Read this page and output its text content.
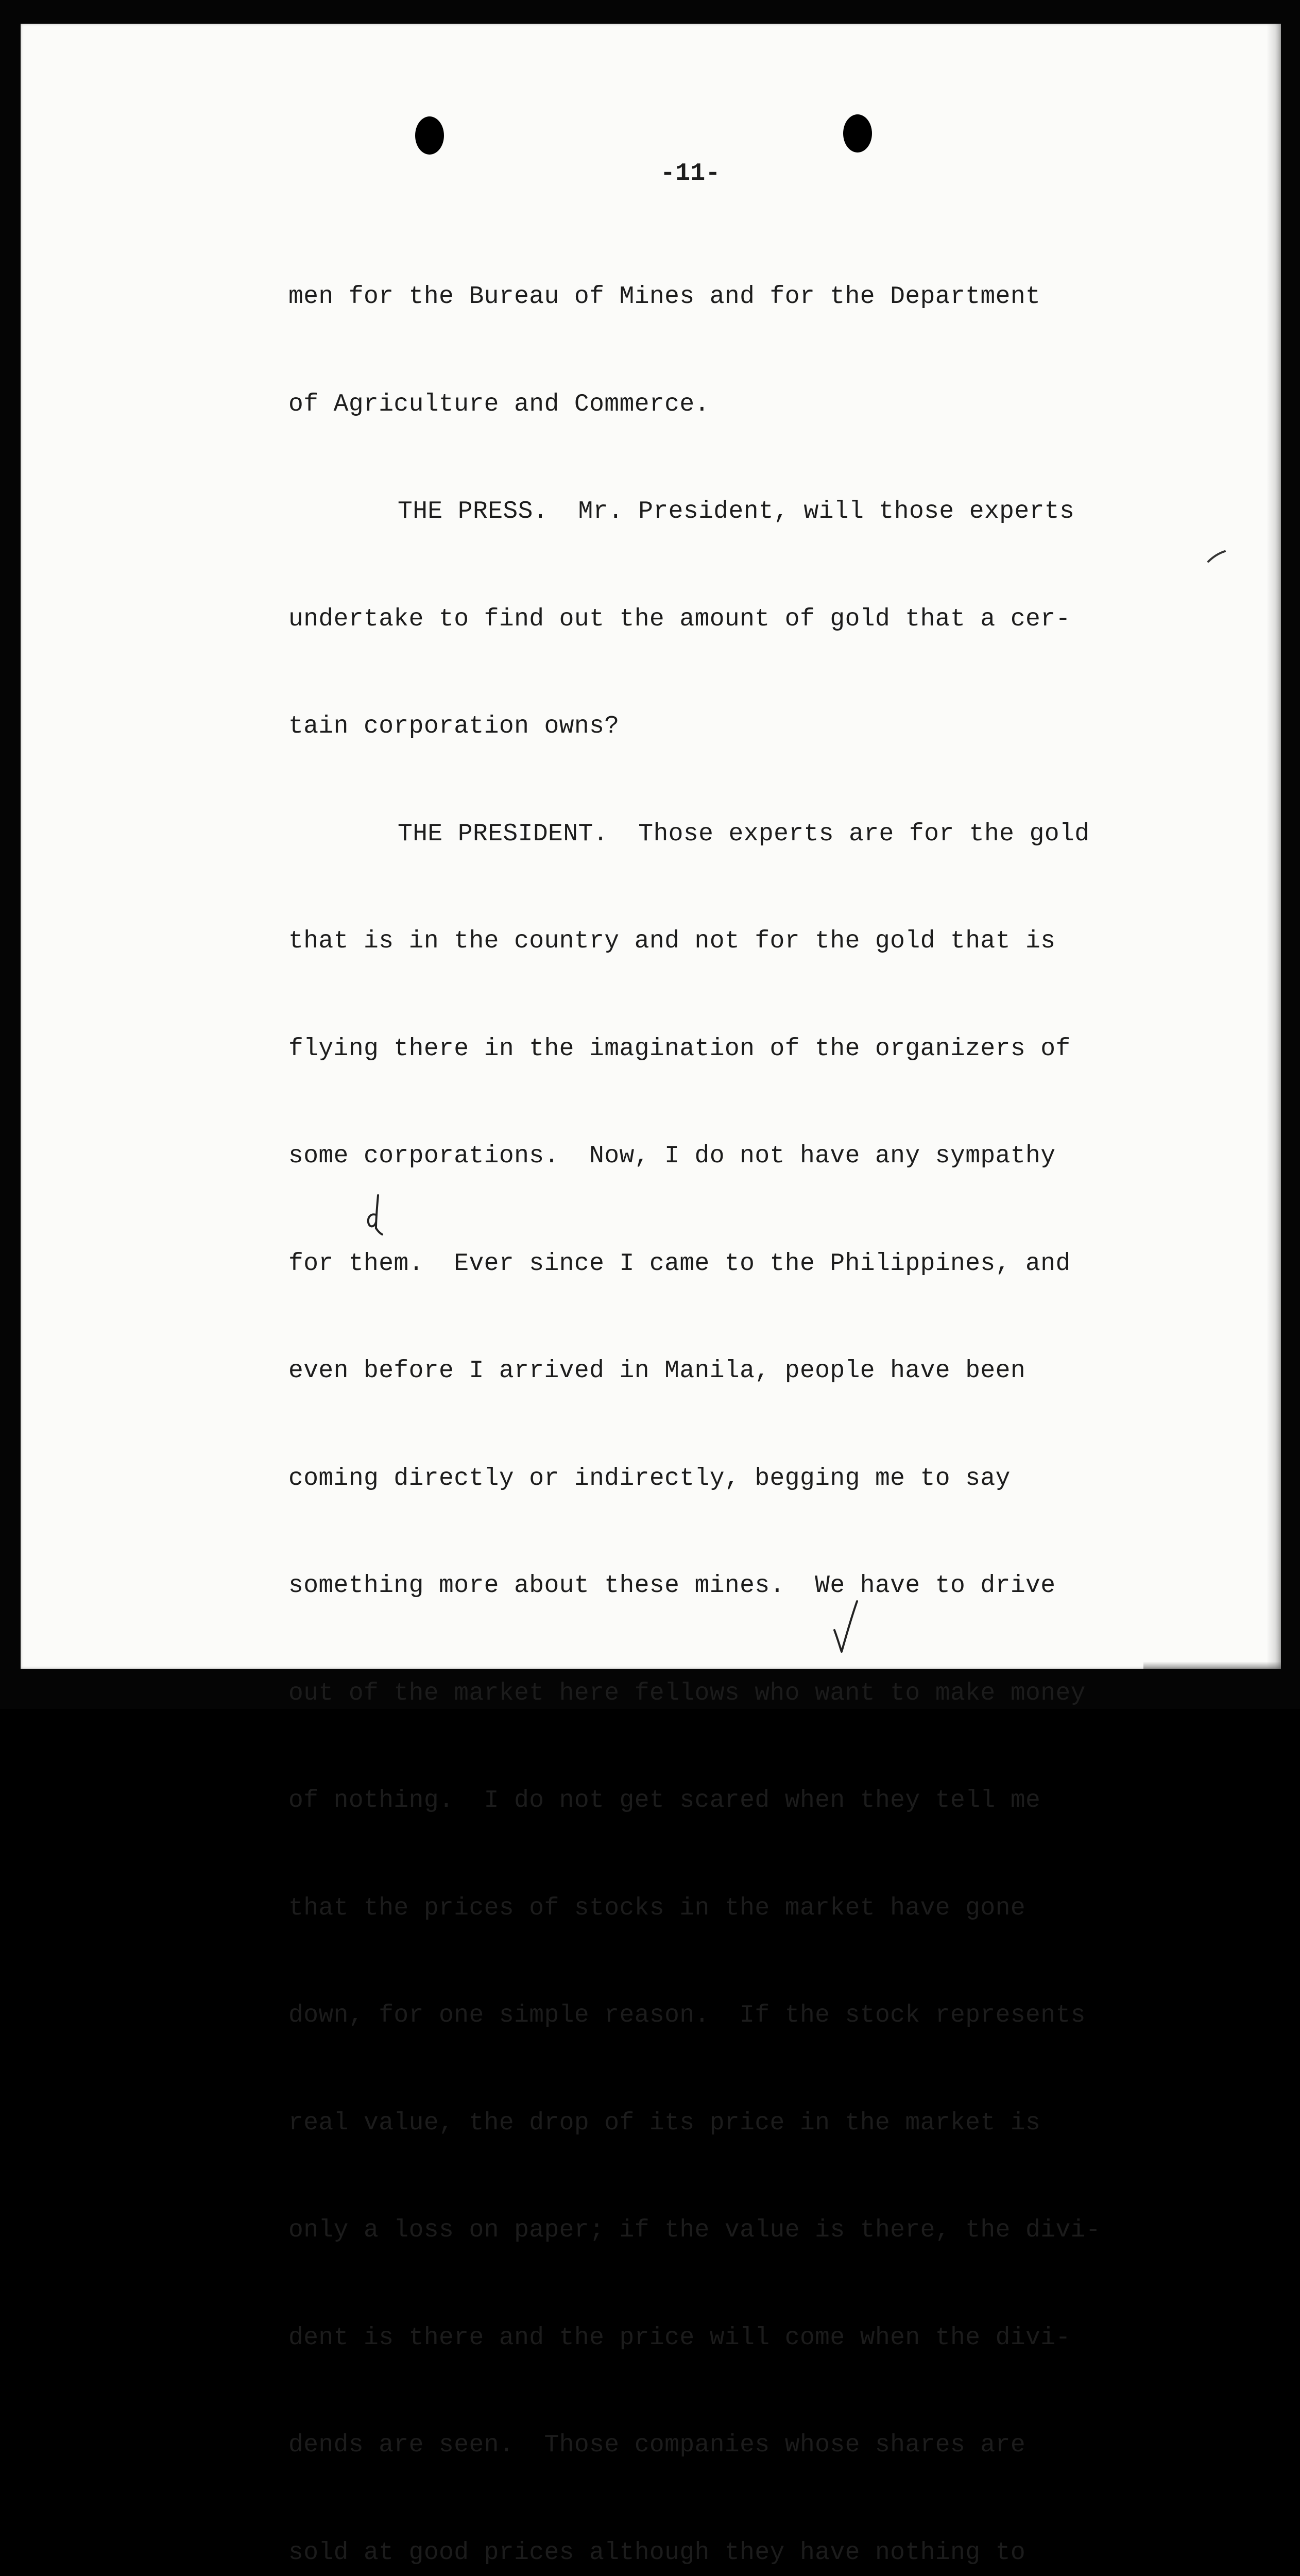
-11-

men for the Bureau of Mines and for the Department

of Agriculture and Commerce.

THE PRESS.  Mr. President, will those experts

undertake to find out the amount of gold that a cer-

tain corporation owns?

THE PRESIDENT.  Those experts are for the gold

that is in the country and not for the gold that is

flying there in the imagination of the organizers of

some corporations.  Now, I do not have any sympathy

for them.  Ever since I came to the Philippines, and

even before I arrived in Manila, people have been

coming directly or indirectly, begging me to say

something more about these mines.  We have to drive

out of the market here fellows who want to make money

of nothing.  I do not get scared when they tell me

that the prices of stocks in the market have gone

down, for one simple reason.  If the stock represents

real value, the drop of its price in the market is

only a loss on paper; if the value is there, the divi-

dent is there and the price will come when the divi-

dends are seen.  Those companies whose shares are

sold at good prices although they have nothing to
